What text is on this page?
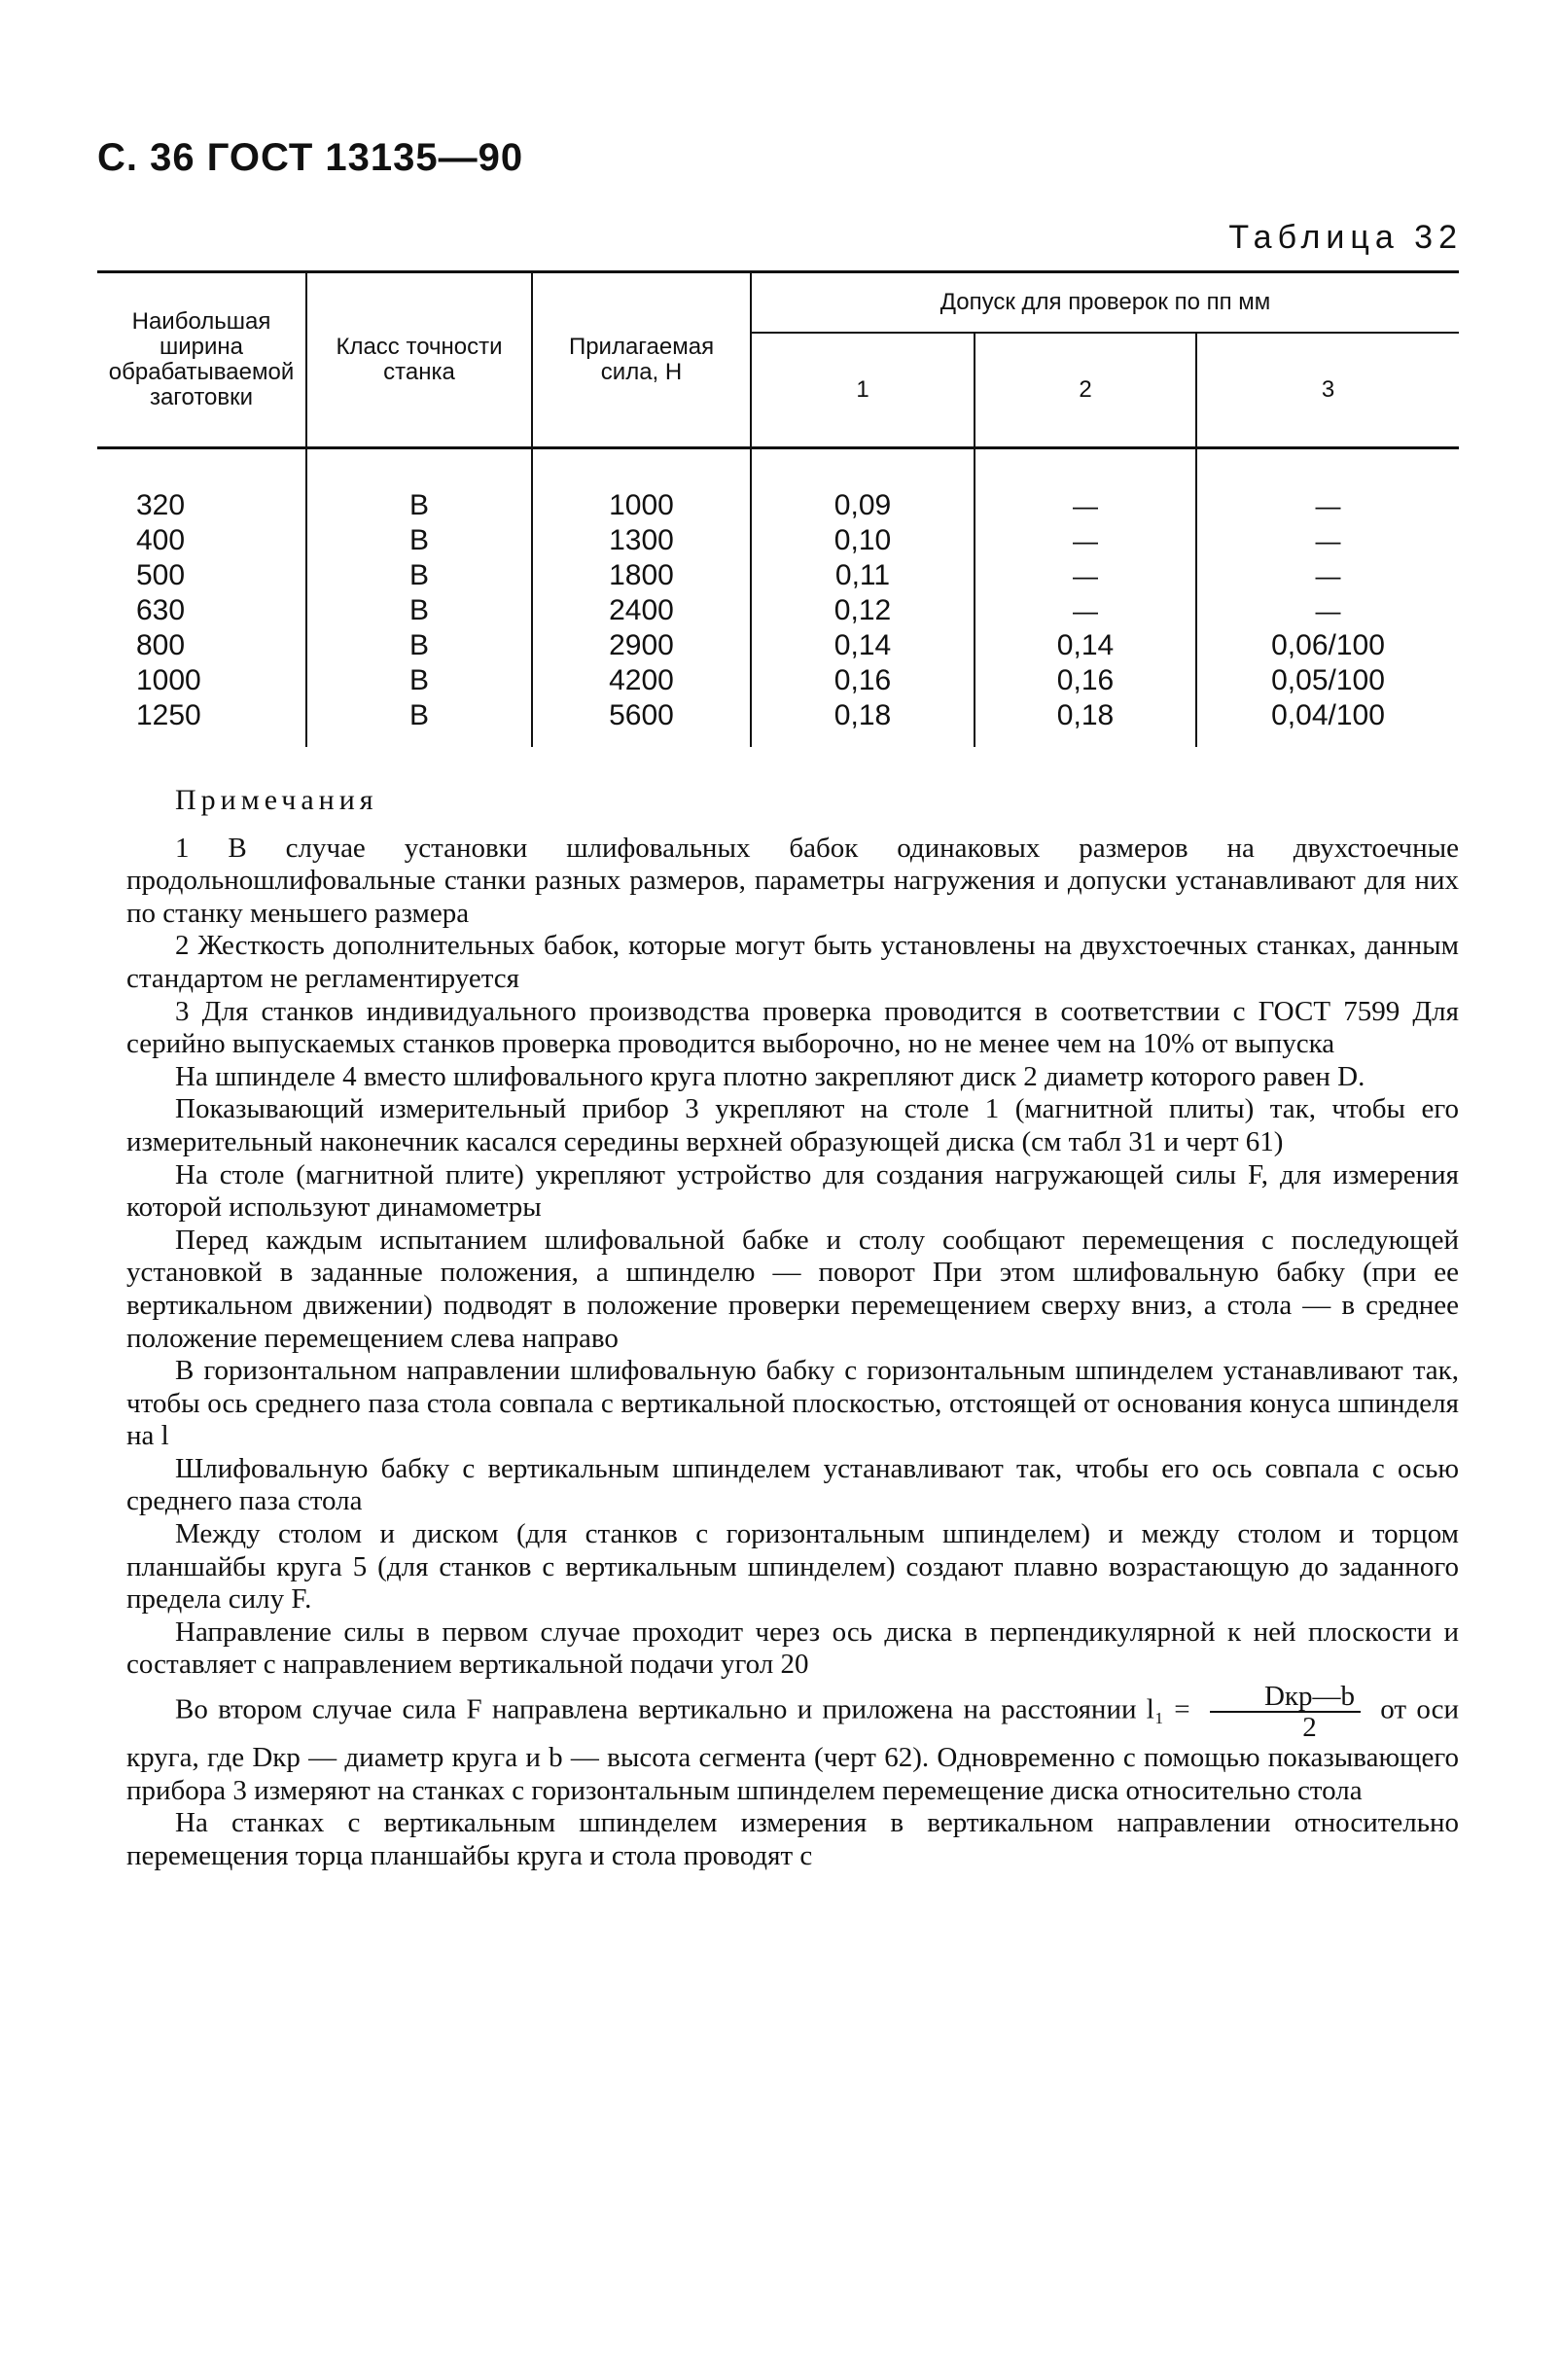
С. 36 ГОСТ 13135—90
Таблица 32
Наибольшая ширина обрабатываемой заготовки	Класс точности станка	Прилагаемая сила, Н	Допуск для проверок по пп мм		
			1	2	3
320	В	1000	0,09	—	—
400	В	1300	0,10	—	—
500	В	1800	0,11	—	—
630	В	2400	0,12	—	—
800	В	2900	0,14	0,14	0,06/100
1000	В	4200	0,16	0,16	0,05/100
1250	В	5600	0,18	0,18	0,04/100
Примечания

1 В случае установки шлифовальных бабок одинаковых размеров на двухстоечные продольношлифовальные станки разных размеров, параметры нагружения и допуски устанавливают для них по станку меньшего размера

2 Жесткость дополнительных бабок, которые могут быть установлены на двухстоечных станках, данным стандартом не регламентируется

3 Для станков индивидуального производства проверка проводится в соответствии с ГОСТ 7599 Для серийно выпускаемых станков проверка проводится выборочно, но не менее чем на 10% от выпуска

На шпинделе 4 вместо шлифовального круга плотно закрепляют диск 2 диаметр которого равен D.

Показывающий измерительный прибор 3 укрепляют на столе 1 (магнитной плиты) так, чтобы его измерительный наконечник касался середины верхней образующей диска (см табл 31 и черт 61)

На столе (магнитной плите) укрепляют устройство для создания нагружающей силы F, для измерения которой используют динамометры

Перед каждым испытанием шлифовальной бабке и столу сообщают перемещения с последующей установкой в заданные положения, а шпинделю — поворот При этом шлифовальную бабку (при ее вертикальном движении) подводят в положение проверки перемещением сверху вниз, а стола — в среднее положение перемещением слева направо

В горизонтальном направлении шлифовальную бабку с горизонтальным шпинделем устанавливают так, чтобы ось среднего паза стола совпала с вертикальной плоскостью, отстоящей от основания конуса шпинделя на l

Шлифовальную бабку с вертикальным шпинделем устанавливают так, чтобы его ось совпала с осью среднего паза стола

Между столом и диском (для станков с горизонтальным шпинделем) и между столом и торцом планшайбы круга 5 (для станков с вертикальным шпинделем) создают плавно возрастающую до заданного предела силу F.

Направление силы в первом случае проходит через ось диска в перпендикулярной к ней плоскости и составляет с направлением вертикальной подачи угол 20

Во втором случае сила F направлена вертикально и приложена на расстоянии $l_1 = \frac{\text{Dкр—b}}{2}$ от оси круга, где Dкр — диаметр круга и b — высота сегмента (черт 62). Одновременно с помощью показывающего прибора 3 измеряют на станках с горизонтальным шпинделем перемещение диска относительно стола

На станках с вертикальным шпинделем измерения в вертикальном направлении относительно перемещения торца планшайбы круга и стола проводят с
